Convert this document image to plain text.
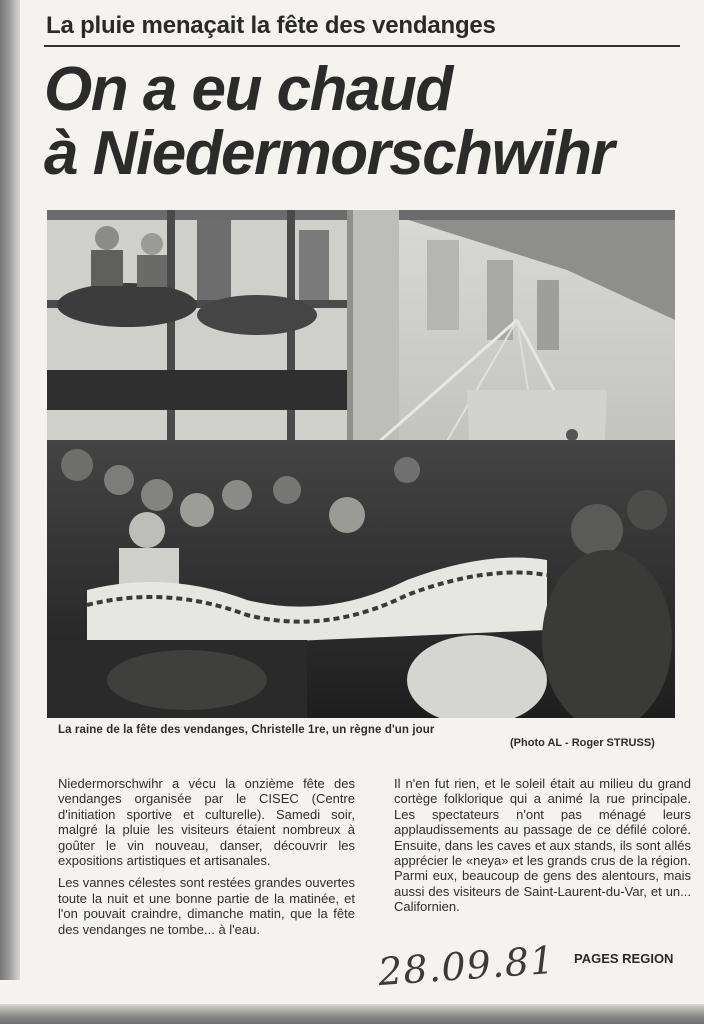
La pluie menaçait la fête des vendanges
On a eu chaud
à Niedermorschwihr
La raine de la fête des vendanges, Christelle 1re, un règne d'un jour
(Photo AL - Roger STRUSS)

Niedermorschwihr a vécu la onzième fête des vendanges organisée par le CISEC (Centre d'initiation sportive et culturelle). Samedi soir, malgré la pluie les visiteurs étaient nombreux à goûter le vin nouveau, danser, découvrir les expositions artistiques et artisanales.

Les vannes célestes sont restées grandes ouvertes toute la nuit et une bonne partie de la matinée, et l'on pouvait craindre, dimanche matin, que la fête des vendanges ne tombe... à l'eau.

Il n'en fut rien, et le soleil était au milieu du grand cortège folklorique qui a animé la rue principale. Les spectateurs n'ont pas ménagé leurs applaudissements au passage de ce défilé coloré. Ensuite, dans les caves et aux stands, ils sont allés apprécier le «neya» et les grands crus de la région. Parmi eux, beaucoup de gens des alentours, mais aussi des visiteurs de Saint-Laurent-du-Var, et un... Californien.

28.09.81 PAGES REGION
